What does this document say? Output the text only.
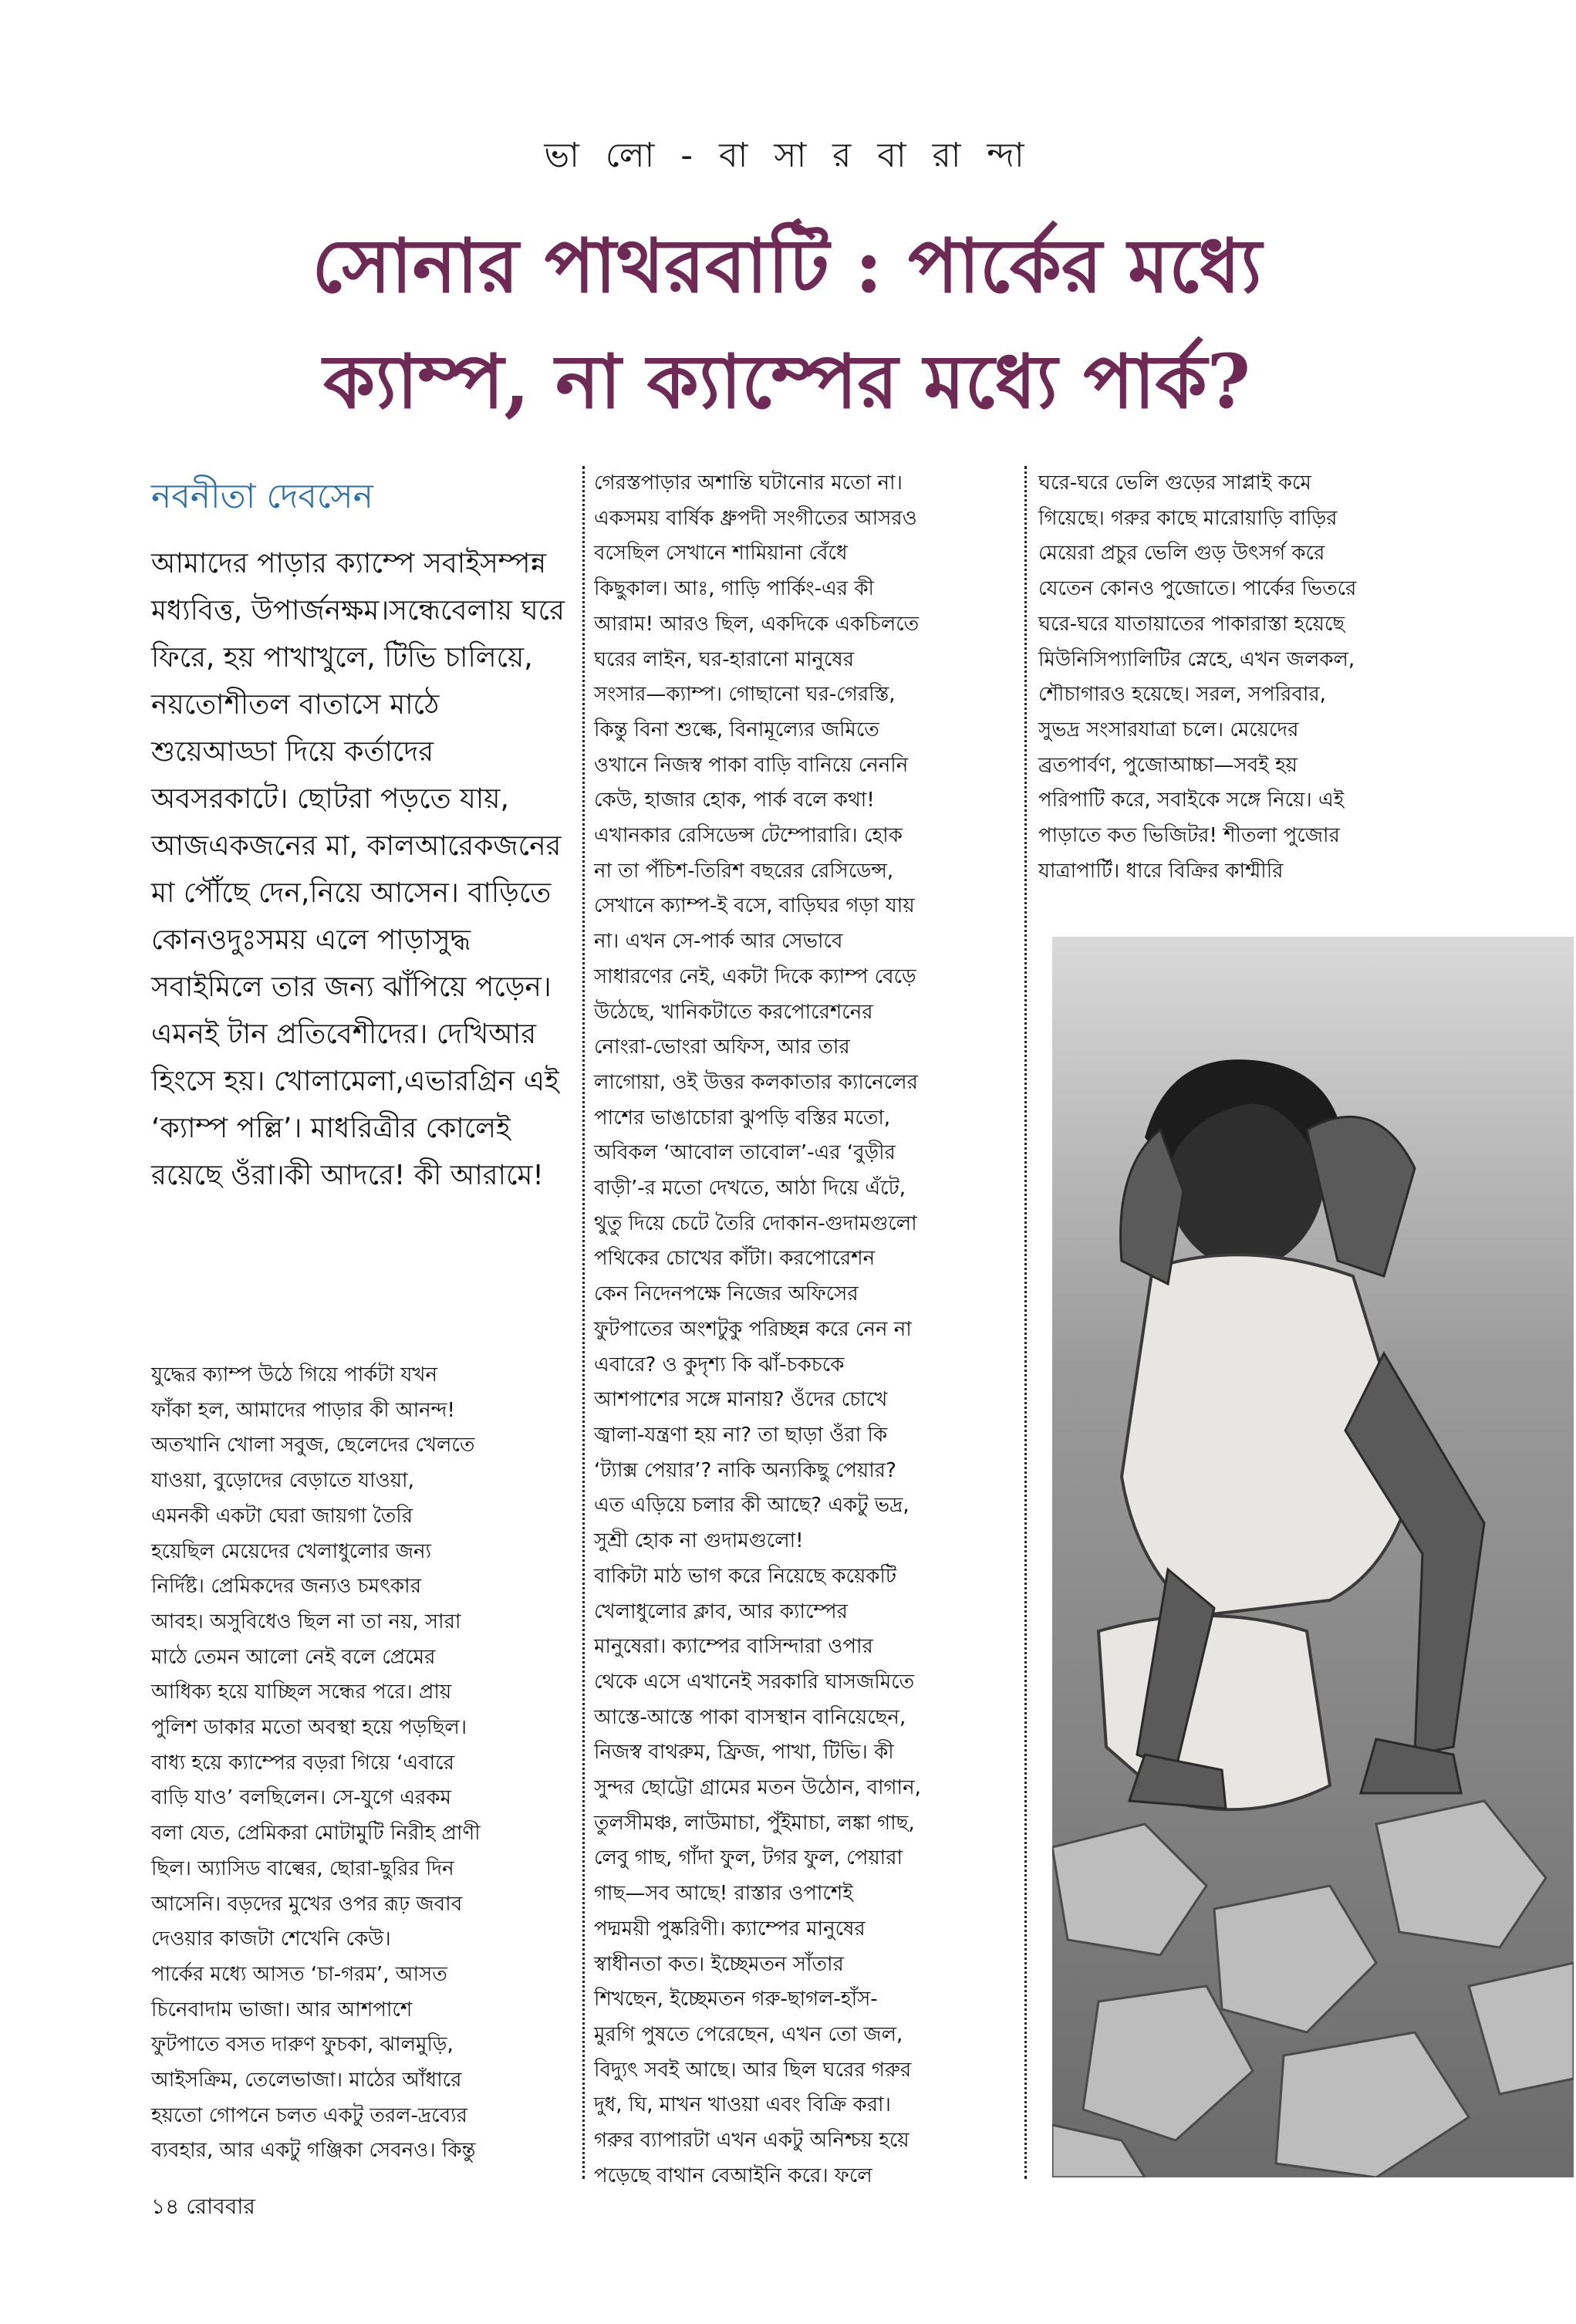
ভা লো - বা সা র বা রা ন্দা
সোনার পাথরবাটি : পার্কের মধ্যে
ক্যাম্প, না ক্যাম্পের মধ্যে পার্ক?
নবনীতা দেবসেন
আমাদের পাড়ার ক্যাম্পে সবাইসম্পন্ন মধ্যবিত্ত, উপার্জনক্ষম।সন্ধেবেলায় ঘরে ফিরে, হয় পাখাখুলে, টিভি চালিয়ে, নয়তোশীতল বাতাসে মাঠে শুয়েআড্ডা দিয়ে কর্তাদের অবসরকাটে। ছোটরা পড়তে যায়, আজএকজনের মা, কালআরেকজনের মা পৌঁছে দেন,নিয়ে আসেন। বাড়িতে কোনওদুঃসময় এলে পাড়াসুদ্ধ সবাইমিলে তার জন্য ঝাঁপিয়ে পড়েন।এমনই টান প্রতিবেশীদের। দেখিআর হিংসে হয়। খোলামেলা,এভারগ্রিন এই ‘ক্যাম্প পল্লি’। মাধরিত্রীর কোলেই রয়েছে ওঁরা।কী আদরে! কী আরামে!
যুদ্ধের ক্যাম্প উঠে গিয়ে পার্কটা যখন
ফাঁকা হল, আমাদের পাড়ার কী আনন্দ!
অতখানি খোলা সবুজ, ছেলেদের খেলতে
যাওয়া, বুড়োদের বেড়াতে যাওয়া,
এমনকী একটা ঘেরা জায়গা তৈরি
হয়েছিল মেয়েদের খেলাধুলোর জন্য
নির্দিষ্ট। প্রেমিকদের জন্যও চমৎকার
আবহ। অসুবিধেও ছিল না তা নয়, সারা
মাঠে তেমন আলো নেই বলে প্রেমের
আধিক্য হয়ে যাচ্ছিল সন্ধের পরে। প্রায়
পুলিশ ডাকার মতো অবস্থা হয়ে পড়ছিল।
বাধ্য হয়ে ক্যাম্পের বড়রা গিয়ে ‘এবারে
বাড়ি যাও’ বলছিলেন। সে-যুগে এরকম
বলা যেত, প্রেমিকরা মোটামুটি নিরীহ প্রাণী
ছিল। অ্যাসিড বাল্বের, ছোরা-ছুরির দিন
আসেনি। বড়দের মুখের ওপর রূঢ় জবাব
দেওয়ার কাজটা শেখেনি কেউ।
পার্কের মধ্যে আসত ‘চা-গরম’, আসত
চিনেবাদাম ভাজা। আর আশপাশে
ফুটপাতে বসত দারুণ ফুচকা, ঝালমুড়ি,
আইসক্রিম, তেলেভাজা। মাঠের আঁধারে
হয়তো গোপনে চলত একটু তরল-দ্রব্যের
ব্যবহার, আর একটু গঞ্জিকা সেবনও। কিন্তু
গেরস্তপাড়ার অশান্তি ঘটানোর মতো না।
একসময় বার্ষিক ধ্রুপদী সংগীতের আসরও
বসেছিল সেখানে শামিয়ানা বেঁধে
কিছুকাল। আঃ, গাড়ি পার্কিং-এর কী
আরাম! আরও ছিল, একদিকে একচিলতে
ঘরের লাইন, ঘর-হারানো মানুষের
সংসার—ক্যাম্প। গোছানো ঘর-গেরস্তি,
কিন্তু বিনা শুল্কে, বিনামূল্যের জমিতে
ওখানে নিজস্ব পাকা বাড়ি বানিয়ে নেননি
কেউ, হাজার হোক, পার্ক বলে কথা!
এখানকার রেসিডেন্স টেম্পোরারি। হোক
না তা পঁচিশ-তিরিশ বছরের রেসিডেন্স,
সেখানে ক্যাম্প-ই বসে, বাড়িঘর গড়া যায়
না। এখন সে-পার্ক আর সেভাবে
সাধারণের নেই, একটা দিকে ক্যাম্প বেড়ে
উঠেছে, খানিকটাতে করপোরেশনের
নোংরা-ভোংরা অফিস, আর তার
লাগোয়া, ওই উত্তর কলকাতার ক্যানেলের
পাশের ভাঙাচোরা ঝুপড়ি বস্তির মতো,
অবিকল ‘আবোল তাবোল’-এর ‘বুড়ীর
বাড়ী’-র মতো দেখতে, আঠা দিয়ে এঁটে,
থুতু দিয়ে চেটে তৈরি দোকান-গুদামগুলো
পথিকের চোখের কাঁটা। করপোরেশন
কেন নিদেনপক্ষে নিজের অফিসের
ফুটপাতের অংশটুকু পরিচ্ছন্ন করে নেন না
এবারে? ও কুদৃশ্য কি ঝাঁ-চকচকে
আশপাশের সঙ্গে মানায়? ওঁদের চোখে
জ্বালা-যন্ত্রণা হয় না? তা ছাড়া ওঁরা কি
‘ট্যাক্স পেয়ার’? নাকি অন্যকিছু পেয়ার?
এত এড়িয়ে চলার কী আছে? একটু ভদ্র,
সুশ্রী হোক না গুদামগুলো!
বাকিটা মাঠ ভাগ করে নিয়েছে কয়েকটি
খেলাধুলোর ক্লাব, আর ক্যাম্পের
মানুষেরা। ক্যাম্পের বাসিন্দারা ওপার
থেকে এসে এখানেই সরকারি ঘাসজমিতে
আস্তে-আস্তে পাকা বাসস্থান বানিয়েছেন,
নিজস্ব বাথরুম, ফ্রিজ, পাখা, টিভি। কী
সুন্দর ছোট্টো গ্রামের মতন উঠোন, বাগান,
তুলসীমঞ্চ, লাউমাচা, পুঁইমাচা, লঙ্কা গাছ,
লেবু গাছ, গাঁদা ফুল, টগর ফুল, পেয়ারা
গাছ—সব আছে! রাস্তার ওপাশেই
পদ্মময়ী পুষ্করিণী। ক্যাম্পের মানুষের
স্বাধীনতা কত। ইচ্ছেমতন সাঁতার
শিখছেন, ইচ্ছেমতন গরু-ছাগল-হাঁস-
মুরগি পুষতে পেরেছেন, এখন তো জল,
বিদ্যুৎ সবই আছে। আর ছিল ঘরের গরুর
দুধ, ঘি, মাখন খাওয়া এবং বিক্রি করা।
গরুর ব্যাপারটা এখন একটু অনিশ্চয় হয়ে
পড়েছে বাথান বেআইনি করে। ফলে
ঘরে-ঘরে ভেলি গুড়ের সাপ্লাই কমে
গিয়েছে। গরুর কাছে মারোয়াড়ি বাড়ির
মেয়েরা প্রচুর ভেলি গুড় উৎসর্গ করে
যেতেন কোনও পুজোতে। পার্কের ভিতরে
ঘরে-ঘরে যাতায়াতের পাকারাস্তা হয়েছে
মিউনিসিপ্যালিটির স্নেহে, এখন জলকল,
শৌচাগারও হয়েছে। সরল, সপরিবার,
সুভদ্র সংসারযাত্রা চলে। মেয়েদের
ব্রতপার্বণ, পুজোআচ্চা—সবই হয়
পরিপাটি করে, সবাইকে সঙ্গে নিয়ে। এই
পাড়াতে কত ভিজিটর! শীতলা পুজোর
যাত্রাপার্টি। ধারে বিক্রির কাশ্মীরি
১৪ রোববার
